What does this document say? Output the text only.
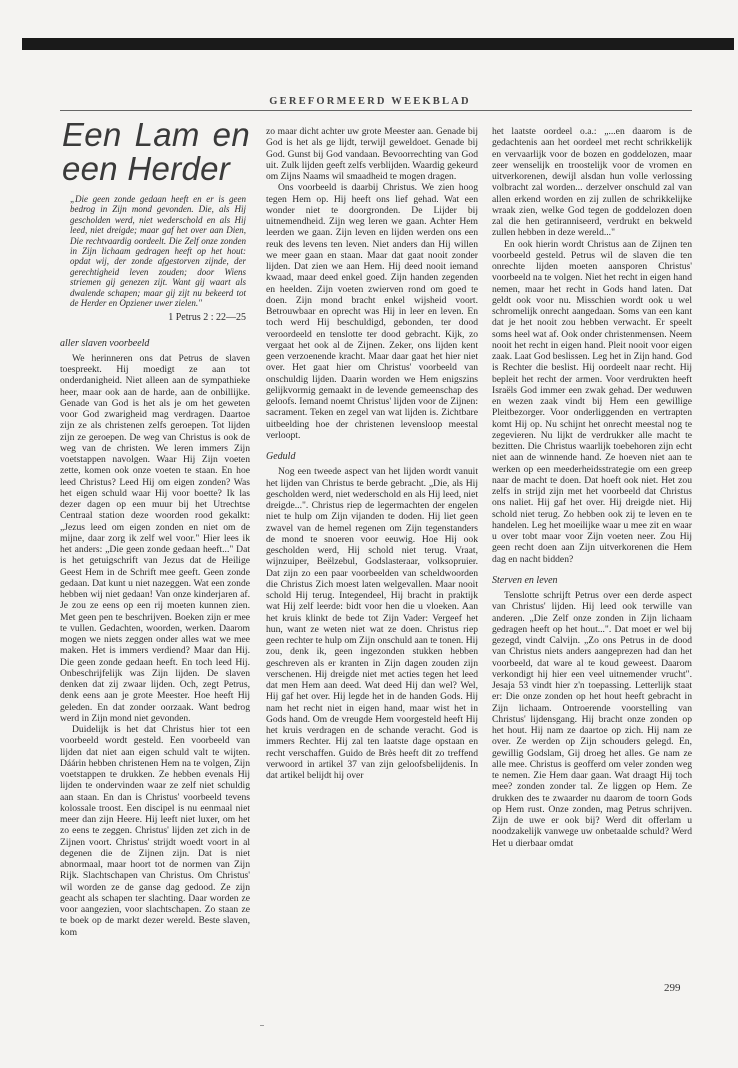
GEREFORMEERD WEEKBLAD
Een Lam en een Herder
„Die geen zonde gedaan heeft en er is geen bedrog in Zijn mond gevonden. Die, als Hij gescholden werd, niet wederschold en als Hij leed, niet dreigde; maar gaf het over aan Dien, Die rechtvaardig oordeelt. Die Zelf onze zonden in Zijn lichaam gedragen heeft op het hout: opdat wij, der zonde afgestorven zijnde, der gerechtigheid leven zouden; door Wiens striemen gij genezen zijt. Want gij waart als dwalende schapen; maar gij zijt nu bekeerd tot de Herder en Opziener uwer zielen."
1 Petrus 2 : 22—25
aller slaven voorbeeld

We herinneren ons dat Petrus de slaven toespreekt. Hij moedigt ze aan tot onderdanigheid. Niet alleen aan de sympathieke heer, maar ook aan de harde, aan de onbillijke. Genade van God is het als je om het geweten voor God zwarigheid mag verdragen. Daartoe zijn ze als christenen zelfs geroepen. Tot lijden zijn ze geroepen. De weg van Christus is ook de weg van de christen. We leren immers Zijn voetstappen navolgen. Waar Hij Zijn voeten zette, komen ook onze voeten te staan. En hoe leed Christus? Leed Hij om eigen zonden? Was het eigen schuld waar Hij voor boette? Ik las dezer dagen op een muur bij het Utrechtse Centraal station deze woorden rood gekalkt: „Jezus leed om eigen zonden en niet om de mijne, daar zorg ik zelf wel voor." Hier lees ik het anders: „Die geen zonde gedaan heeft..." Dat is het getuigschrift van Jezus dat de Heilige Geest Hem in de Schrift mee geeft. Geen zonde gedaan. Dat kunt u niet nazeggen. Wat een zonde hebben wij niet gedaan! Van onze kinderjaren af. Je zou ze eens op een rij moeten kunnen zien. Met geen pen te beschrijven. Boeken zijn er mee te vullen. Gedachten, woorden, werken. Daarom mogen we niets zeggen onder alles wat we mee maken. Het is immers verdiend? Maar dan Hij. Die geen zonde gedaan heeft. En toch leed Hij. Onbeschrijfelijk was Zijn lijden. De slaven denken dat zij zwaar lijden. Och, zegt Petrus, denk eens aan je grote Meester. Hoe heeft Hij geleden. En dat zonder oorzaak. Want bedrog werd in Zijn mond niet gevonden.

Duidelijk is het dat Christus hier tot een voorbeeld wordt gesteld. Een voorbeeld van lijden dat niet aan eigen schuld valt te wijten. Dáárin hebben christenen Hem na te volgen, Zijn voetstappen te drukken. Ze hebben evenals Hij lijden te ondervinden waar ze zelf niet schuldig aan staan. En dan is Christus' voorbeeld tevens kolossale troost. Een discipel is nu eenmaal niet meer dan zijn Heere. Hij leeft niet luxer, om het zo eens te zeggen. Christus' lijden zet zich in de Zijnen voort. Christus' strijdt woedt voort in al degenen die de Zijnen zijn. Dat is niet abnormaal, maar hoort tot de normen van Zijn Rijk. Slachtschapen van Christus. Om Christus' wil worden ze de ganse dag gedood. Ze zijn geacht als schapen ter slachting. Daar worden ze voor aangezien, voor slachtschapen. Zo staan ze te boek op de markt dezer wereld. Beste slaven, kom

zo maar dicht achter uw grote Meester aan. Genade bij God is het als ge lijdt, terwijl geweldoet. Genade bij God. Gunst bij God vandaan. Bevoorrechting van God uit. Zulk lijden geeft zelfs verblijden. Waardig gekeurd om Zijns Naams wil smaadheid te mogen dragen.

Ons voorbeeld is daarbij Christus. We zien hoog tegen Hem op. Hij heeft ons lief gehad. Wat een wonder niet te doorgronden. De Lijder bij uitnemendheid. Zijn weg leren we gaan. Achter Hem leerden we gaan. Zijn leven en lijden werden ons een reuk des levens ten leven. Niet anders dan Hij willen we meer gaan en staan. Maar dat gaat nooit zonder lijden. Dat zien we aan Hem. Hij deed nooit iemand kwaad, maar deed enkel goed. Zijn handen zegenden en heelden. Zijn voeten zwierven rond om goed te doen. Zijn mond bracht enkel wijsheid voort. Betrouwbaar en oprecht was Hij in leer en leven. En toch werd Hij beschuldigd, gebonden, ter dood veroordeeld en tenslotte ter dood gebracht. Kijk, zo vergaat het ook al de Zijnen. Zeker, ons lijden kent geen verzoenende kracht. Maar daar gaat het hier niet over. Het gaat hier om Christus' voorbeeld van onschuldig lijden. Daarin worden we Hem enigszins gelijkvormig gemaakt in de levende gemeenschap des geloofs. Iemand noemt Christus' lijden voor de Zijnen: sacrament. Teken en zegel van wat lijden is. Zichtbare uitbeelding hoe der christenen levensloop meestal verloopt.

Geduld

Nog een tweede aspect van het lijden wordt vanuit het lijden van Christus te berde gebracht. „Die, als Hij gescholden werd, niet wederschold en als Hij leed, niet dreigde...". Christus riep de legermachten der engelen niet te hulp om Zijn vijanden te doden. Hij liet geen zwavel van de hemel regenen om Zijn tegenstanders de mond te snoeren voor eeuwig. Hoe Hij ook gescholden werd, Hij schold niet terug. Vraat, wijnzuiper, Beëlzebul, Godslasteraar, volksopruier. Dat zijn zo een paar voorbeelden van scheldwoorden die Christus Zich moest laten welgevallen. Maar nooit schold Hij terug. Integendeel, Hij bracht in praktijk wat Hij zelf leerde: bidt voor hen die u vloeken. Aan het kruis klinkt de bede tot Zijn Vader: Vergeef het hun, want ze weten niet wat ze doen. Christus riep geen rechter te hulp om Zijn onschuld aan te tonen. Hij zou, denk ik, geen ingezonden stukken hebben geschreven als er kranten in Zijn dagen zouden zijn verschenen. Hij dreigde niet met acties tegen het leed dat men Hem aan deed. Wat deed Hij dan wel? Wel, Hij gaf het over. Hij legde het in de handen Gods. Hij nam het recht niet in eigen hand, maar wist het in Gods hand. Om de vreugde Hem voorgesteld heeft Hij het kruis verdragen en de schande veracht. God is immers Rechter. Hij zal ten laatste dage opstaan en recht verschaffen. Guido de Brès heeft dit zo treffend verwoord in artikel 37 van zijn geloofsbelijdenis. In dat artikel belijdt hij over

het laatste oordeel o.a.: „...en daarom is de gedachtenis aan het oordeel met recht schrikkelijk en vervaarlijk voor de bozen en goddelozen, maar zeer wenselijk en troostelijk voor de vromen en uitverkorenen, dewijl alsdan hun volle verlossing volbracht zal worden... derzelver onschuld zal van allen erkend worden en zij zullen de schrikkelijke wraak zien, welke God tegen de goddelozen doen zal die hen getiranniseerd, verdrukt en bekweld zullen hebben in deze wereld..."

En ook hierin wordt Christus aan de Zijnen ten voorbeeld gesteld. Petrus wil de slaven die ten onrechte lijden moeten aansporen Christus' voorbeeld na te volgen. Niet het recht in eigen hand nemen, maar het recht in Gods hand laten. Dat geldt ook voor nu. Misschien wordt ook u wel schromelijk onrecht aangedaan. Soms van een kant dat je het nooit zou hebben verwacht. Er speelt soms heel wat af. Ook onder christenmensen. Neem nooit het recht in eigen hand. Pleit nooit voor eigen zaak. Laat God beslissen. Leg het in Zijn hand. God is Rechter die beslist. Hij oordeelt naar recht. Hij bepleit het recht der armen. Voor verdrukten heeft Israëls God immer een zwak gehad. Der weduwen en wezen zaak vindt bij Hem een gewillige Pleitbezorger. Voor onderliggenden en vertrapten komt Hij op. Nu schijnt het onrecht meestal nog te zegevieren. Nu lijkt de verdrukker alle macht te bezitten. Die Christus waarlijk toebehoren zijn echt niet aan de winnende hand. Ze hoeven niet aan te werken op een meederheidsstrategie om een greep naar de macht te doen. Dat hoeft ook niet. Het zou zelfs in strijd zijn met het voorbeeld dat Christus ons naliet. Hij gaf het over. Hij dreigde niet. Hij schold niet terug. Zo hebben ook zij te leven en te handelen. Leg het moeilijke waar u mee zit en waar u over tobt maar voor Zijn voeten neer. Zou Hij geen recht doen aan Zijn uitverkorenen die Hem dag en nacht bidden?

Sterven en leven

Tenslotte schrijft Petrus over een derde aspect van Christus' lijden. Hij leed ook terwille van anderen. „Die Zelf onze zonden in Zijn lichaam gedragen heeft op het hout...". Dat moet er wel bij gezegd, vindt Calvijn. „Zo ons Petrus in de dood van Christus niets anders aangeprezen had dan het voorbeeld, dat ware al te koud geweest. Daarom verkondigt hij hier een veel uitnemender vrucht". Jesaja 53 vindt hier z'n toepassing. Letterlijk staat er: Die onze zonden op het hout heeft gebracht in Zijn lichaam. Ontroerende voorstelling van Christus' lijdensgang. Hij bracht onze zonden op het hout. Hij nam ze daartoe op zich. Hij nam ze over. Ze werden op Zijn schouders gelegd. En, gewillig Godslam, Gij droeg het alles. Ge nam ze alle mee. Christus is geofferd om veler zonden weg te nemen. Zie Hem daar gaan. Wat draagt Hij toch mee? zonden zonder tal. Ze liggen op Hem. Ze drukken des te zwaarder nu daarom de toorn Gods op Hem rust. Onze zonden, mag Petrus schrijven. Zijn de uwe er ook bij? Werd dit offerlam u noodzakelijk vanwege uw onbetaalde schuld? Werd Het u dierbaar omdat

299
